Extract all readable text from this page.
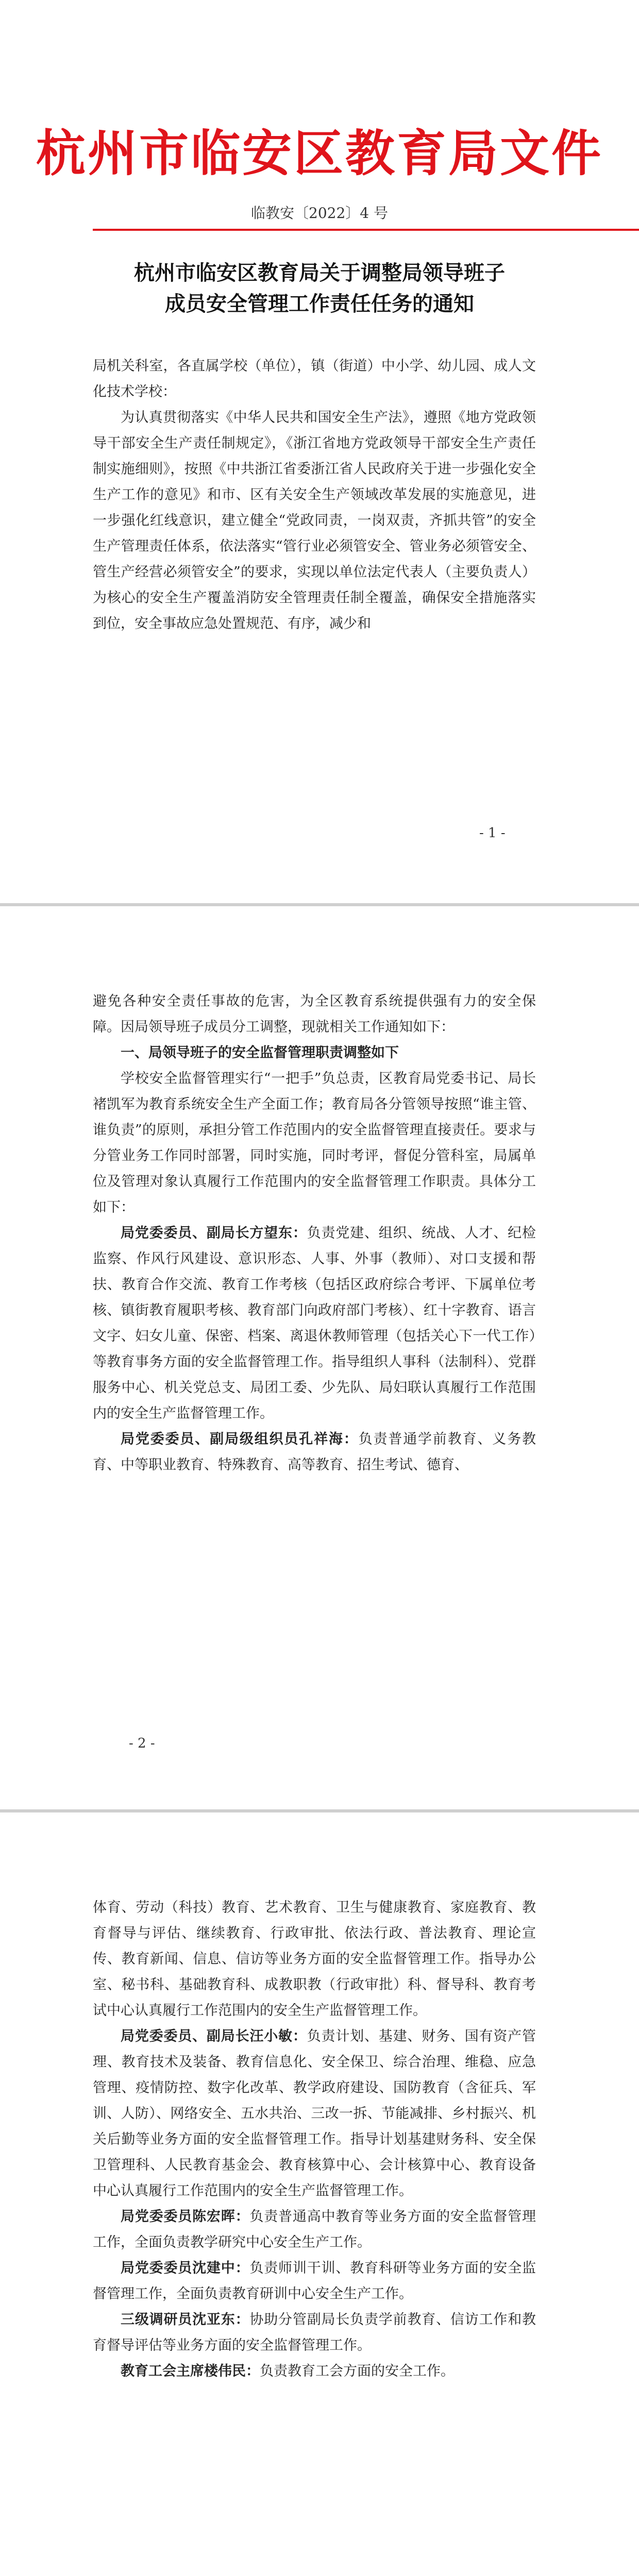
杭州市临安区教育局文件
临教安〔2022〕4 号
杭州市临安区教育局关于调整局领导班子
成员安全管理工作责任任务的通知

局机关科室，各直属学校（单位），镇（街道）中小学、幼儿园、成人文化技术学校：

为认真贯彻落实《中华人民共和国安全生产法》，遵照《地方党政领导干部安全生产责任制规定》，《浙江省地方党政领导干部安全生产责任制实施细则》，按照《中共浙江省委浙江省人民政府关于进一步强化安全生产工作的意见》和市、区有关安全生产领域改革发展的实施意见，进一步强化红线意识，建立健全“党政同责，一岗双责，齐抓共管”的安全生产管理责任体系，依法落实“管行业必须管安全、管业务必须管安全、管生产经营必须管安全”的要求，实现以单位法定代表人（主要负责人）为核心的安全生产覆盖消防安全管理责任制全覆盖，确保安全措施落实到位，安全事故应急处置规范、有序，减少和

- 1 -

避免各种安全责任事故的危害，为全区教育系统提供强有力的安全保障。因局领导班子成员分工调整，现就相关工作通知如下：

一、局领导班子的安全监督管理职责调整如下

学校安全监督管理实行“一把手”负总责，区教育局党委书记、局长褚凯军为教育系统安全生产全面工作；教育局各分管领导按照“谁主管、谁负责”的原则，承担分管工作范围内的安全监督管理直接责任。要求与分管业务工作同时部署，同时实施，同时考评，督促分管科室，局属单位及管理对象认真履行工作范围内的安全监督管理工作职责。具体分工如下：

局党委委员、副局长方望东：负责党建、组织、统战、人才、纪检监察、作风行风建设、意识形态、人事、外事（教师）、对口支援和帮扶、教育合作交流、教育工作考核（包括区政府综合考评、下属单位考核、镇街教育履职考核、教育部门向政府部门考核）、红十字教育、语言文字、妇女儿童、保密、档案、离退休教师管理（包括关心下一代工作）等教育事务方面的安全监督管理工作。指导组织人事科（法制科）、党群服务中心、机关党总支、局团工委、少先队、局妇联认真履行工作范围内的安全生产监督管理工作。

局党委委员、副局级组织员孔祥海：负责普通学前教育、义务教育、中等职业教育、特殊教育、高等教育、招生考试、德育、

- 2 -

体育、劳动（科技）教育、艺术教育、卫生与健康教育、家庭教育、教育督导与评估、继续教育、行政审批、依法行政、普法教育、理论宣传、教育新闻、信息、信访等业务方面的安全监督管理工作。指导办公室、秘书科、基础教育科、成教职教（行政审批）科、督导科、教育考试中心认真履行工作范围内的安全生产监督管理工作。

局党委委员、副局长汪小敏：负责计划、基建、财务、国有资产管理、教育技术及装备、教育信息化、安全保卫、综合治理、维稳、应急管理、疫情防控、数字化改革、教学政府建设、国防教育（含征兵、军训、人防）、网络安全、五水共治、三改一拆、节能减排、乡村振兴、机关后勤等业务方面的安全监督管理工作。指导计划基建财务科、安全保卫管理科、人民教育基金会、教育核算中心、会计核算中心、教育设备中心认真履行工作范围内的安全生产监督管理工作。

局党委委员陈宏晖：负责普通高中教育等业务方面的安全监督管理工作，全面负责教学研究中心安全生产工作。

局党委委员沈建中：负责师训干训、教育科研等业务方面的安全监督管理工作，全面负责教育研训中心安全生产工作。

三级调研员沈亚东：协助分管副局长负责学前教育、信访工作和教育督导评估等业务方面的安全监督管理工作。

教育工会主席楼伟民：负责教育工会方面的安全工作。
